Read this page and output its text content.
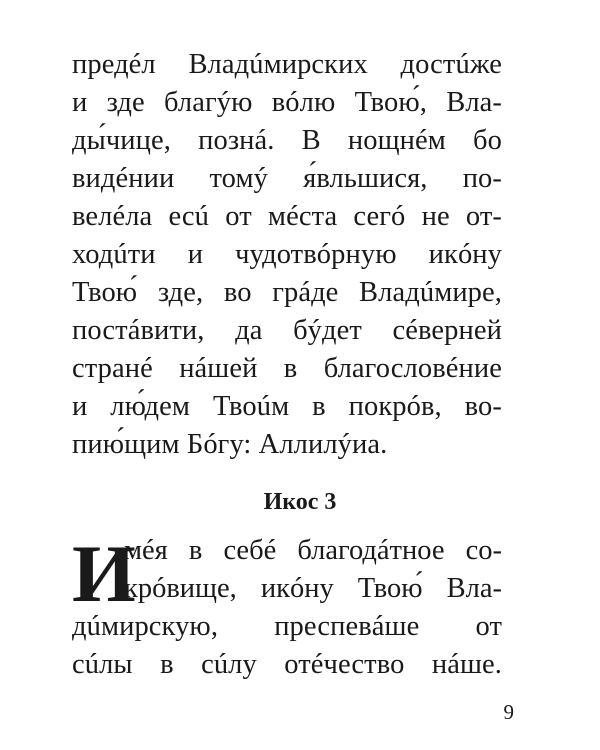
предéл Владúмирских достúже
и зде благýю вóлю Твою́, Вла-
ды́чице, познá. В нощнéм бо
видéнии томý я́вльшися, по-
велéла есú от мéста сегó не от-
ходúти и чудотвóрную икóну
Твою́ зде, во грáде Владúмире,
постáвити, да бýдет сéверней
странé нáшей в благословéние
и лю́дем Твоúм в покрóв, во-
пию́щим Бóгу: Аллилýиа.
Икос 3
И
мéя в себé благодáтное со-
крóвище, икóну Твою́ Вла-
дúмирскую, преспевáше от
сúлы в сúлу отéчество нáше.
9
